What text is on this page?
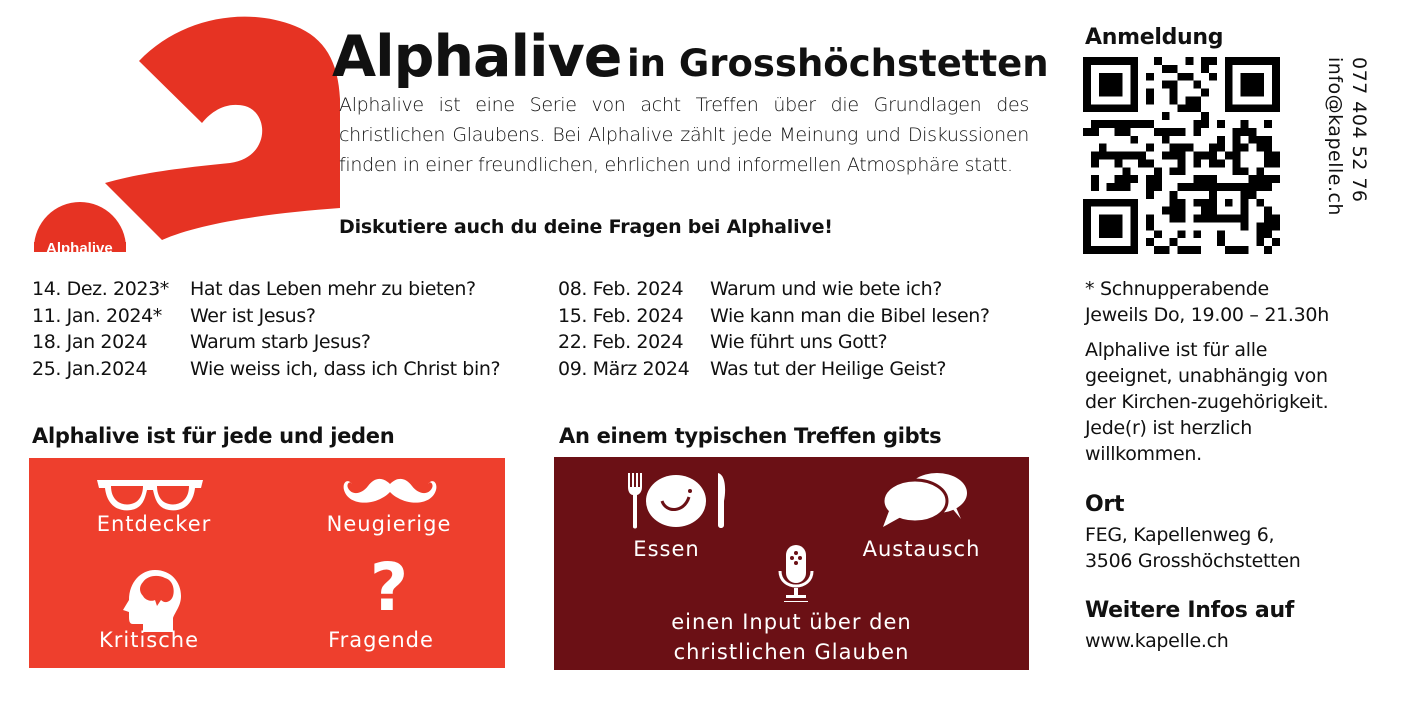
Alphalive
Alphalive in Grosshöchstetten

Alphalive ist eine Serie von acht Treffen über die Grundlagen des christlichen Glaubens. Bei Alphalive zählt jede Meinung und Diskussionen finden in einer freundlichen, ehrlichen und informellen Atmosphäre statt.

Diskutiere auch du deine Fragen bei Alphalive!

14. Dez. 2023*	Hat das Leben mehr zu bieten?
11. Jan. 2024*	Wer ist Jesus?
18. Jan 2024	Warum starb Jesus?
25. Jan.2024	Wie weiss ich, dass ich Christ bin?
08. Feb. 2024	Warum und wie bete ich?
15. Feb. 2024	Wie kann man die Bibel lesen?
22. Feb. 2024	Wie führt uns Gott?
09. März 2024	Was tut der Heilige Geist?
Alphalive ist für jede und jeden
Entdecker	Neugierige
Kritische
?
Fragende
An einem typischen Treffen gibts
Essen	Austausch
einen Input über den
christlichen Glauben
Anmeldung
077 404 52 76
info@kapelle.ch
* Schnupperabende
Jeweils Do, 19.00 – 21.30h
Alphalive ist für alle
geeignet, unabhängig von
der Kirchen-zugehörigkeit.
Jede(r) ist herzlich
willkommen.
Ort
FEG, Kapellenweg 6,
3506 Grosshöchstetten
Weitere Infos auf
www.kapelle.ch
